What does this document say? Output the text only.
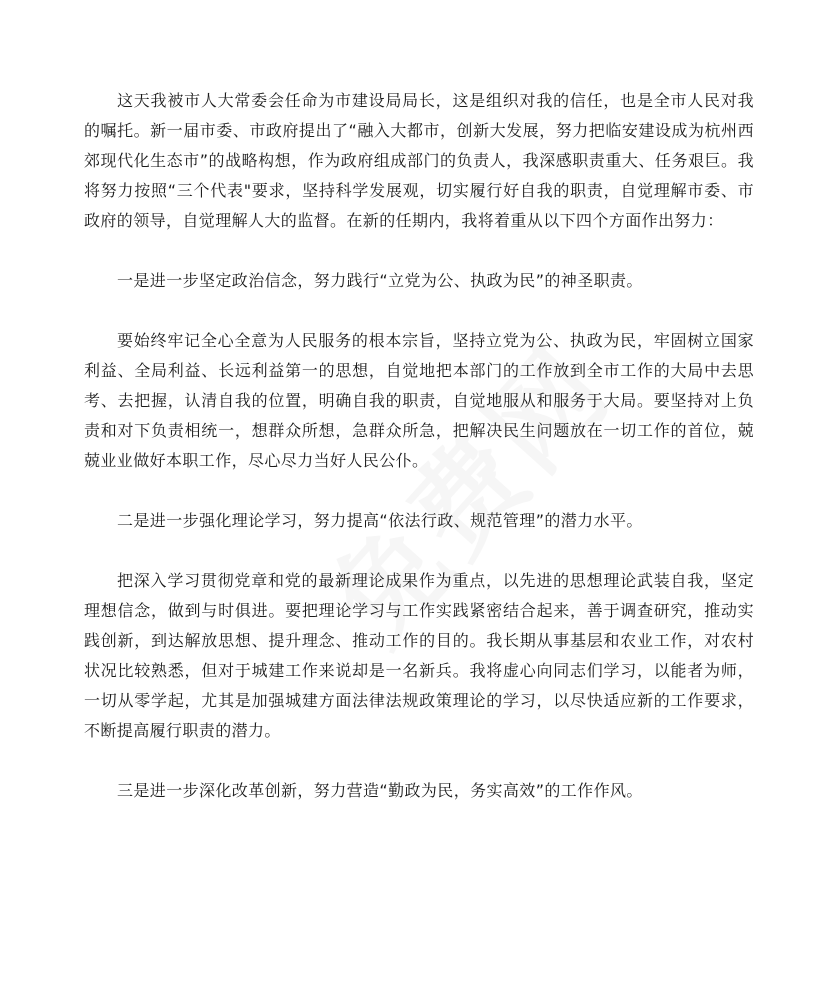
这天我被市人大常委会任命为市建设局局长，这是组织对我的信任，也是全市人民对我的嘱托。新一届市委、市政府提出了“融入大都市，创新大发展，努力把临安建设成为杭州西郊现代化生态市”的战略构想，作为政府组成部门的负责人，我深感职责重大、任务艰巨。我将努力按照“三个代表"要求，坚持科学发展观，切实履行好自我的职责，自觉理解市委、市政府的领导，自觉理解人大的监督。在新的任期内，我将着重从以下四个方面作出努力：

一是进一步坚定政治信念，努力践行“立党为公、执政为民”的神圣职责。

要始终牢记全心全意为人民服务的根本宗旨，坚持立党为公、执政为民，牢固树立国家利益、全局利益、长远利益第一的思想，自觉地把本部门的工作放到全市工作的大局中去思考、去把握，认清自我的位置，明确自我的职责，自觉地服从和服务于大局。要坚持对上负责和对下负责相统一，想群众所想，急群众所急，把解决民生问题放在一切工作的首位，兢兢业业做好本职工作，尽心尽力当好人民公仆。

二是进一步强化理论学习，努力提高“依法行政、规范管理”的潜力水平。

把深入学习贯彻党章和党的最新理论成果作为重点，以先进的思想理论武装自我，坚定理想信念，做到与时俱进。要把理论学习与工作实践紧密结合起来，善于调查研究，推动实践创新，到达解放思想、提升理念、推动工作的目的。我长期从事基层和农业工作，对农村状况比较熟悉，但对于城建工作来说却是一名新兵。我将虚心向同志们学习，以能者为师，一切从零学起，尤其是加强城建方面法律法规政策理论的学习，以尽快适应新的工作要求，不断提高履行职责的潜力。

三是进一步深化改革创新，努力营造“勤政为民，务实高效”的工作作风。
